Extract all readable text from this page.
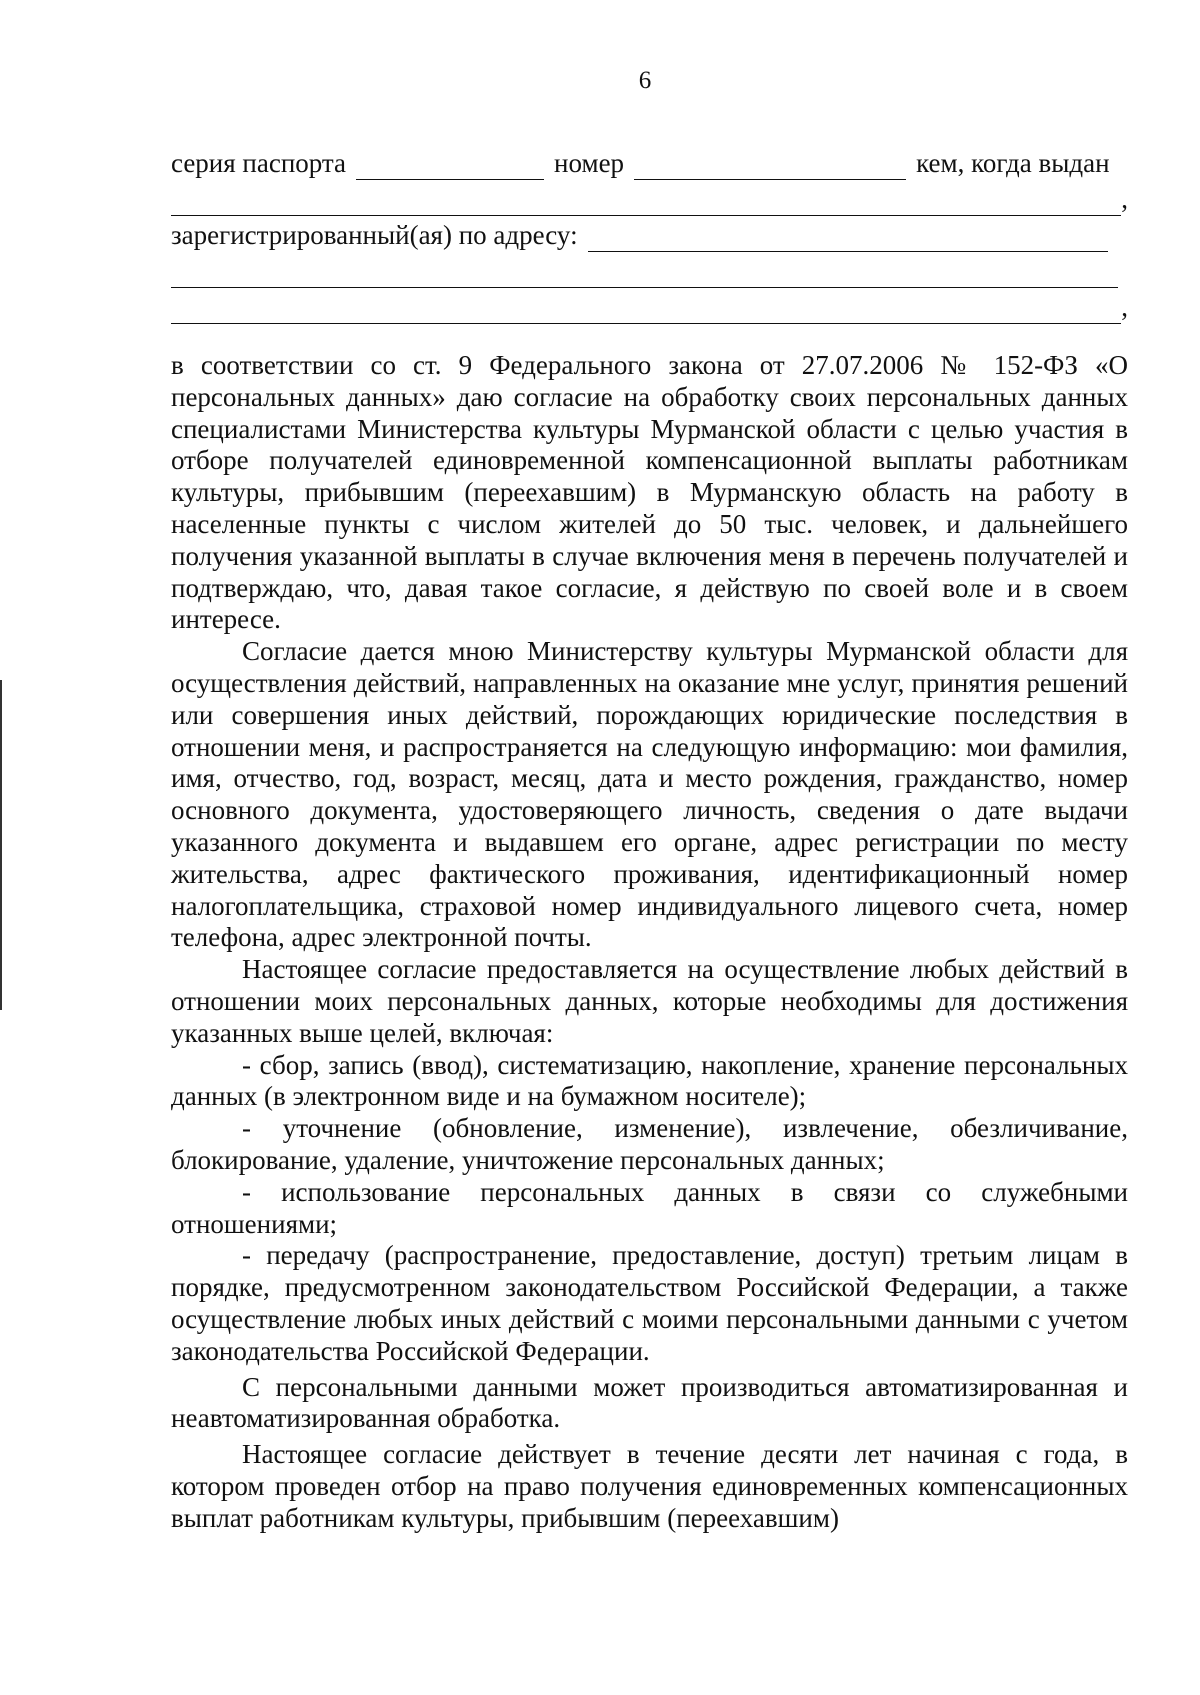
6
серия паспорта	номер	кем, когда выдан
,
зарегистрированный(ая) по адресу:
,

в соответствии со ст. 9 Федерального закона от 27.07.2006 № 152-ФЗ «О персональных данных» даю согласие на обработку своих персональных данных специалистами Министерства культуры Мурманской области с целью участия в отборе получателей единовременной компенсационной выплаты работникам культуры, прибывшим (переехавшим) в Мурманскую область на работу в населенные пункты с числом жителей до 50 тыс. человек, и дальнейшего получения указанной выплаты в случае включения меня в перечень получателей и подтверждаю, что, давая такое согласие, я действую по своей воле и в своем интересе.

Согласие дается мною Министерству культуры Мурманской области для осуществления действий, направленных на оказание мне услуг, принятия решений или совершения иных действий, порождающих юридические последствия в отношении меня, и распространяется на следующую информацию: мои фамилия, имя, отчество, год, возраст, месяц, дата и место рождения, гражданство, номер основного документа, удостоверяющего личность, сведения о дате выдачи указанного документа и выдавшем его органе, адрес регистрации по месту жительства, адрес фактического проживания, идентификационный номер налогоплательщика, страховой номер индивидуального лицевого счета, номер телефона, адрес электронной почты.

Настоящее согласие предоставляется на осуществление любых действий в отношении моих персональных данных, которые необходимы для достижения указанных выше целей, включая:

- сбор, запись (ввод), систематизацию, накопление, хранение персональных данных (в электронном виде и на бумажном носителе);

- уточнение (обновление, изменение), извлечение, обезличивание, блокирование, удаление, уничтожение персональных данных;

- использование персональных данных в связи со служебными отношениями;

- передачу (распространение, предоставление, доступ) третьим лицам в порядке, предусмотренном законодательством Российской Федерации, а также осуществление любых иных действий с моими персональными данными с учетом законодательства Российской Федерации.

С персональными данными может производиться автоматизированная и неавтоматизированная обработка.

Настоящее согласие действует в течение десяти лет начиная с года, в котором проведен отбор на право получения единовременных компенсационных выплат работникам культуры, прибывшим (переехавшим)
